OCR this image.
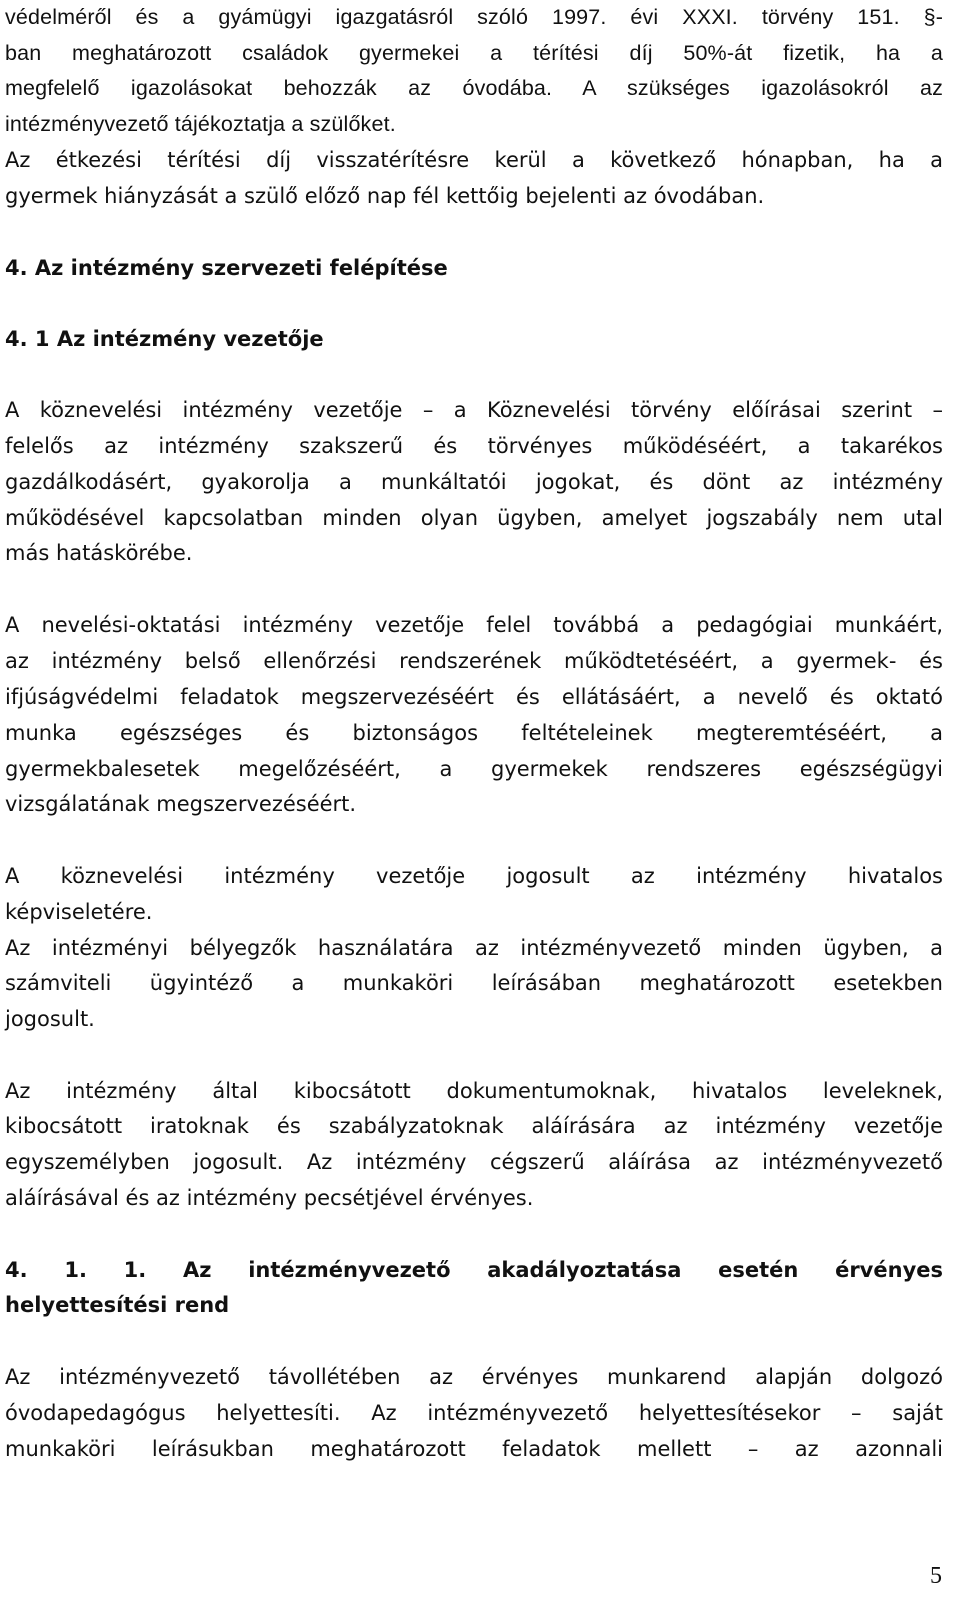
védelméről és a gyámügyi igazgatásról szóló 1997. évi XXXI. törvény 151. §-
ban meghatározott családok gyermekei a térítési díj 50%-át fizetik, ha a
megfelelő igazolásokat behozzák az óvodába. A szükséges igazolásokról az
intézményvezető tájékoztatja a szülőket.
Az étkezési térítési díj visszatérítésre kerül a következő hónapban, ha a
gyermek hiányzását a szülő előző nap fél kettőig bejelenti az óvodában.
4. Az intézmény szervezeti felépítése
4. 1 Az intézmény vezetője
A köznevelési intézmény vezetője – a Köznevelési törvény előírásai szerint –
felelős az intézmény szakszerű és törvényes működéséért, a takarékos
gazdálkodásért, gyakorolja a munkáltatói jogokat, és dönt az intézmény
működésével kapcsolatban minden olyan ügyben, amelyet jogszabály nem utal
más hatáskörébe.
A nevelési-oktatási intézmény vezetője felel továbbá a pedagógiai munkáért,
az intézmény belső ellenőrzési rendszerének működtetéséért, a gyermek- és
ifjúságvédelmi feladatok megszervezéséért és ellátásáért, a nevelő és oktató
munka egészséges és biztonságos feltételeinek megteremtéséért, a
gyermekbalesetek megelőzéséért, a gyermekek rendszeres egészségügyi
vizsgálatának megszervezéséért.
A köznevelési intézmény vezetője jogosult az intézmény hivatalos
képviseletére.
Az intézményi bélyegzők használatára az intézményvezető minden ügyben, a
számviteli ügyintéző a munkaköri leírásában meghatározott esetekben
jogosult.
Az intézmény által kibocsátott dokumentumoknak, hivatalos leveleknek,
kibocsátott iratoknak és szabályzatoknak aláírására az intézmény vezetője
egyszemélyben jogosult. Az intézmény cégszerű aláírása az intézményvezető
aláírásával és az intézmény pecsétjével érvényes.
4. 1. 1. Az intézményvezető akadályoztatása esetén érvényes
helyettesítési rend
Az intézményvezető távollétében az érvényes munkarend alapján dolgozó
óvodapedagógus helyettesíti. Az intézményvezető helyettesítésekor – saját
munkaköri leírásukban meghatározott feladatok mellett – az azonnali
5
